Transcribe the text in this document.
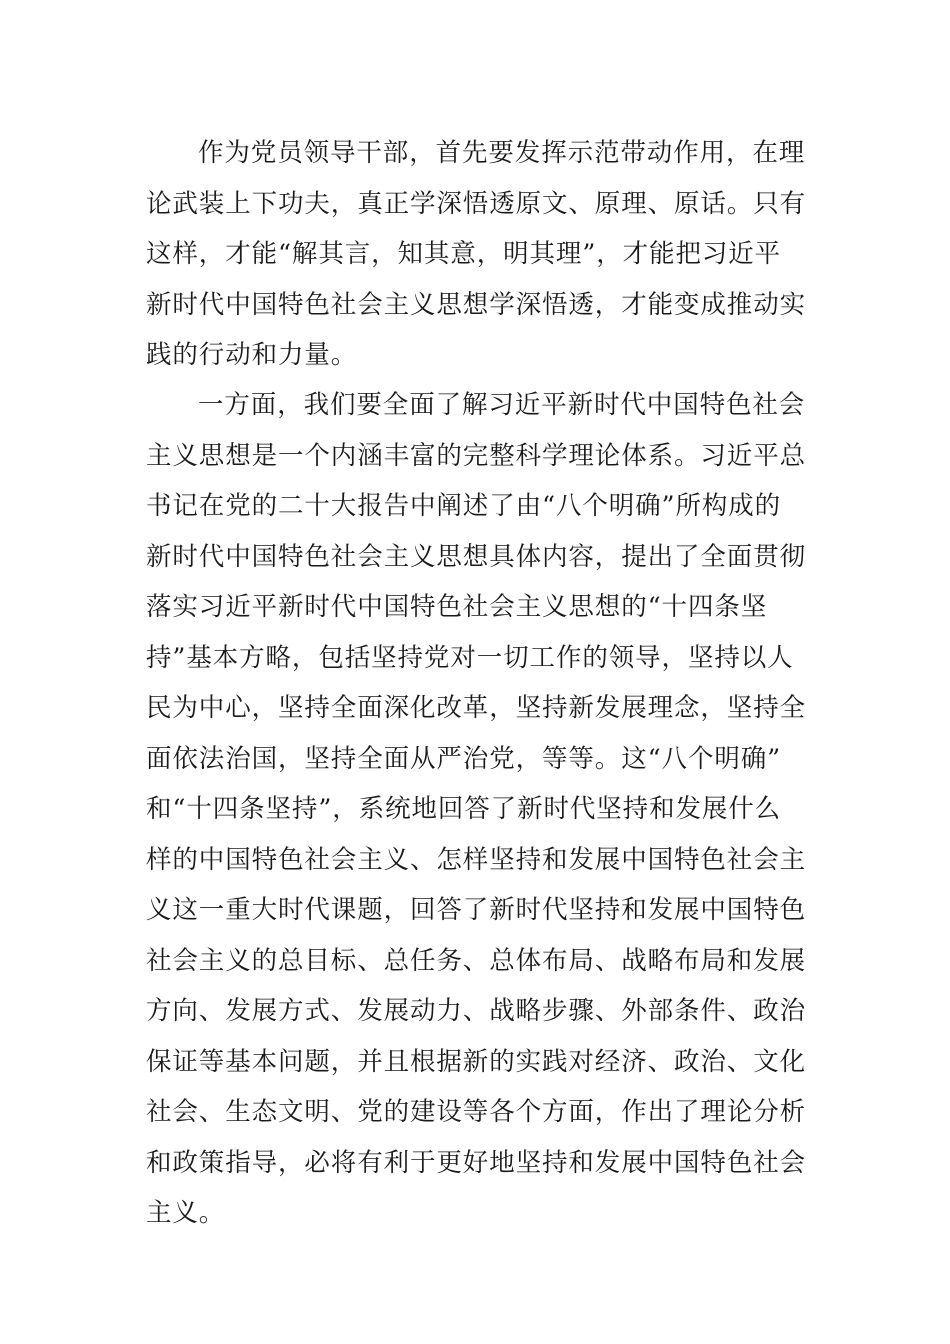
作为党员领导干部，首先要发挥示范带动作用，在理
论武装上下功夫，真正学深悟透原文、原理、原话。只有
这样，才能“解其言，知其意，明其理”，才能把习近平
新时代中国特色社会主义思想学深悟透，才能变成推动实
践的行动和力量。
一方面，我们要全面了解习近平新时代中国特色社会
主义思想是一个内涵丰富的完整科学理论体系。习近平总
书记在党的二十大报告中阐述了由“八个明确”所构成的
新时代中国特色社会主义思想具体内容，提出了全面贯彻
落实习近平新时代中国特色社会主义思想的“十四条坚
持”基本方略，包括坚持党对一切工作的领导，坚持以人
民为中心，坚持全面深化改革，坚持新发展理念，坚持全
面依法治国，坚持全面从严治党，等等。这“八个明确”
和“十四条坚持”，系统地回答了新时代坚持和发展什么
样的中国特色社会主义、怎样坚持和发展中国特色社会主
义这一重大时代课题，回答了新时代坚持和发展中国特色
社会主义的总目标、总任务、总体布局、战略布局和发展
方向、发展方式、发展动力、战略步骤、外部条件、政治
保证等基本问题，并且根据新的实践对经济、政治、文化
社会、生态文明、党的建设等各个方面，作出了理论分析
和政策指导，必将有利于更好地坚持和发展中国特色社会
主义。
